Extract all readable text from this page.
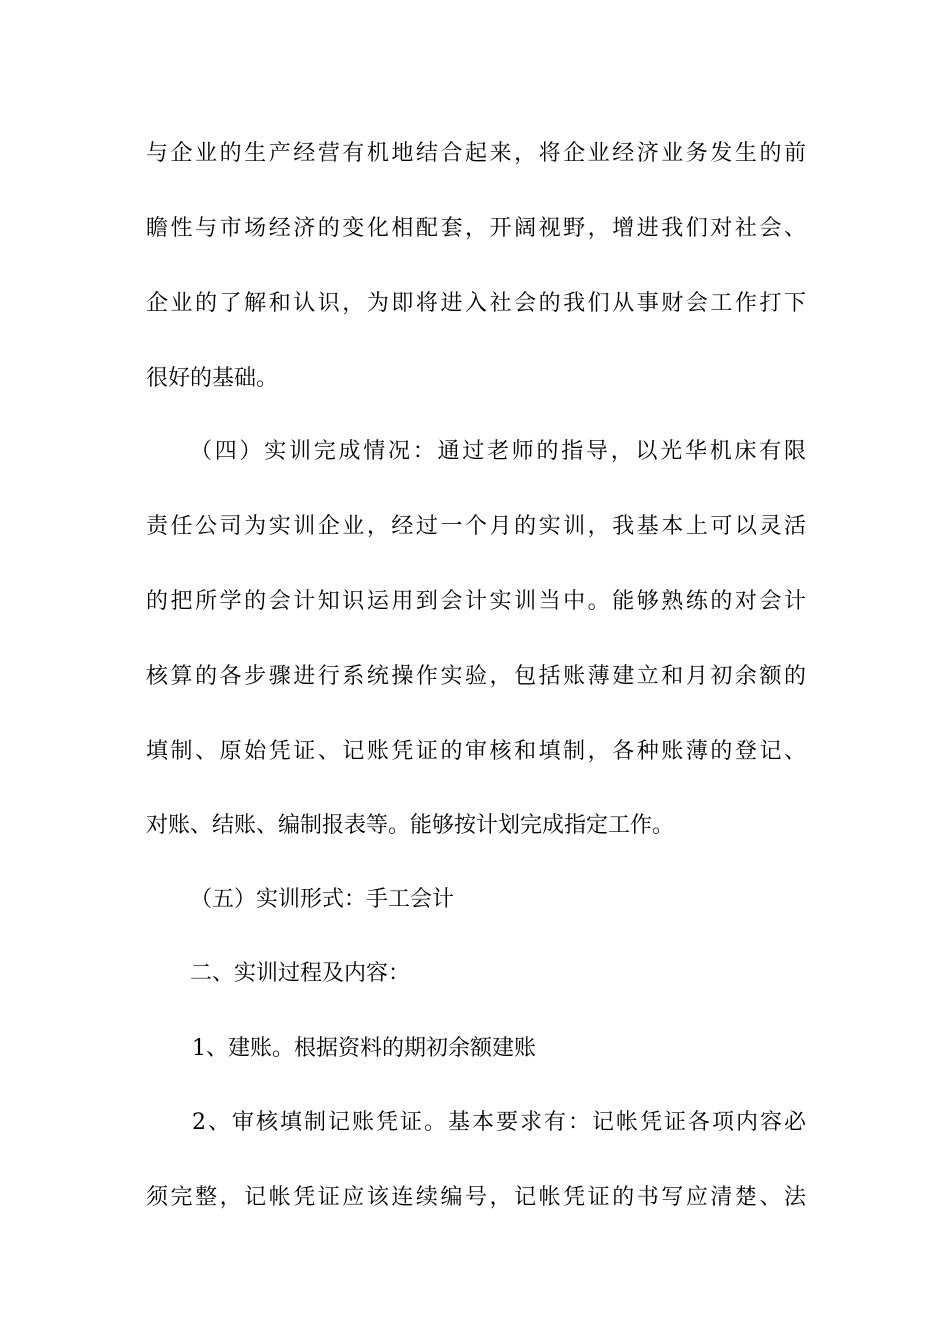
与企业的生产经营有机地结合起来，将企业经济业务发生的前
瞻性与市场经济的变化相配套，开阔视野，增进我们对社会、
企业的了解和认识，为即将进入社会的我们从事财会工作打下
很好的基础。
（四）实训完成情况：通过老师的指导，以光华机床有限
责任公司为实训企业，经过一个月的实训，我基本上可以灵活
的把所学的会计知识运用到会计实训当中。能够熟练的对会计
核算的各步骤进行系统操作实验，包括账薄建立和月初余额的
填制、原始凭证、记账凭证的审核和填制，各种账薄的登记、
对账、结账、编制报表等。能够按计划完成指定工作。
（五）实训形式：手工会计
二、实训过程及内容：
1、建账。根据资料的期初余额建账
2、审核填制记账凭证。基本要求有：记帐凭证各项内容必
须完整，记帐凭证应该连续编号，记帐凭证的书写应清楚、法
